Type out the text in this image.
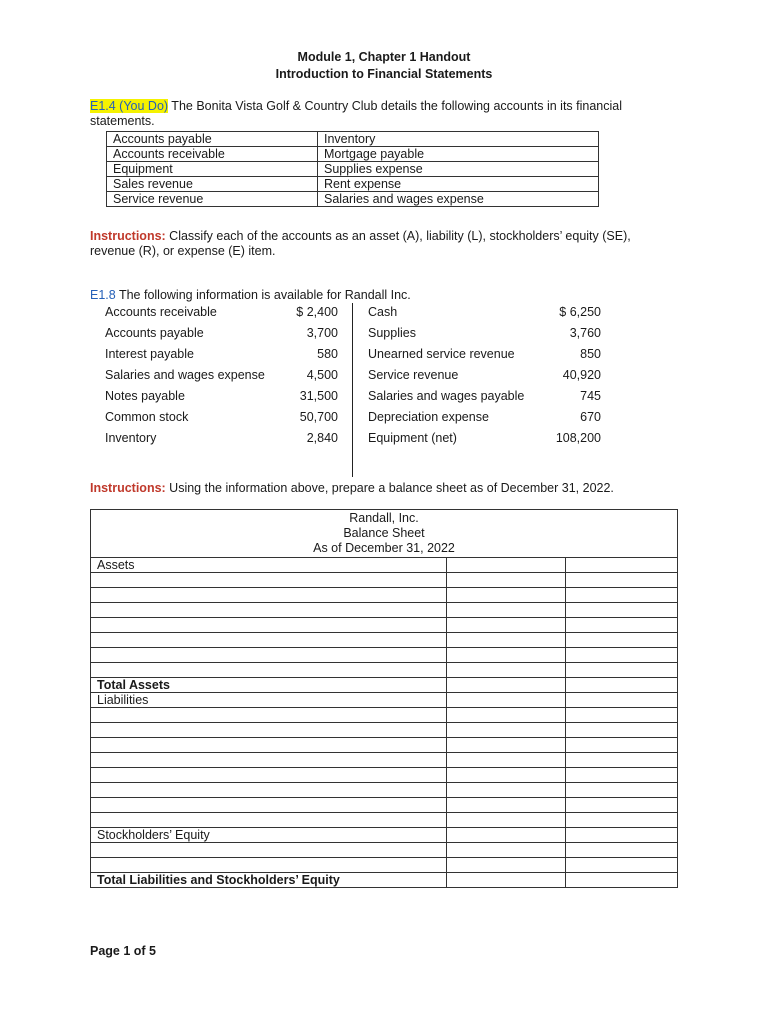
Module 1, Chapter 1 Handout
Introduction to Financial Statements
E1.4 (You Do) The Bonita Vista Golf & Country Club details the following accounts in its financial
statements.
Accounts payable	Inventory
Accounts receivable	Mortgage payable
Equipment	Supplies expense
Sales revenue	Rent expense
Service revenue	Salaries and wages expense
Instructions: Classify each of the accounts as an asset (A), liability (L), stockholders’ equity (SE),
revenue (R), or expense (E) item.
E1.8 The following information is available for Randall Inc.
Accounts receivable	$ 2,400
Accounts payable	3,700
Interest payable	580
Salaries and wages expense	4,500
Notes payable	31,500
Common stock	50,700
Inventory	2,840
Cash	$ 6,250
Supplies	3,760
Unearned service revenue	850
Service revenue	40,920
Salaries and wages payable	745
Depreciation expense	670
Equipment (net)	108,200
Instructions: Using the information above, prepare a balance sheet as of December 31, 2022.
Randall, Inc.
Balance Sheet
As of December 31, 2022		

Assets		

Total Assets		
Liabilities		

Stockholders’ Equity		

Total Liabilities and Stockholders’ Equity		
Page 1 of 5
